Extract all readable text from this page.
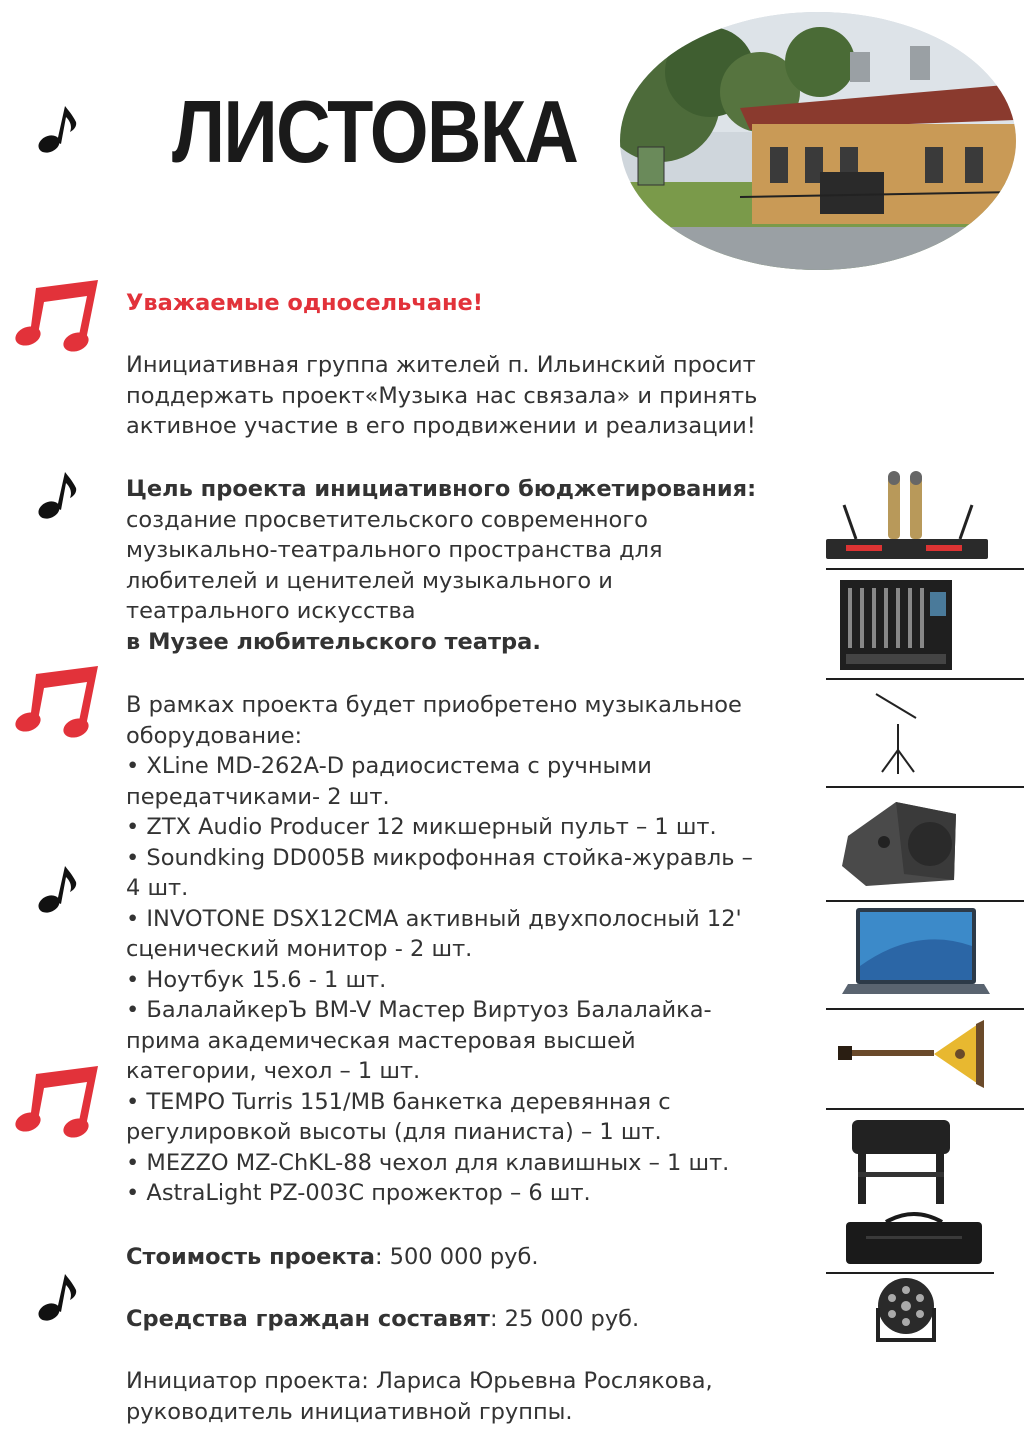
ЛИСТОВКА
Уважаемые односельчане!

Инициативная группа жителей п. Ильинский просит

поддержать проект«Музыка нас связала» и принять

активное участие в его продвижении и реализации!

Цель проекта инициативного бюджетирования:

создание просветительского современного

музыкально-театрального пространства для

любителей и ценителей музыкального и

театрального искусства

в Музее любительского театра.

В рамках проекта будет приобретено музыкальное

оборудование:

• XLine MD-262A-D радиосистема с ручными

передатчиками- 2 шт.

• ZTX Audio Producer 12 микшерный пульт – 1 шт.

• Soundking DD005B микрофонная стойка-журавль –

4 шт.

• INVOTONE DSX12CMA активный двухполосный 12'

сценический монитор - 2 шт.

• Ноутбук 15.6 - 1 шт.

• БалалайкерЪ BM-V Мастер Виртуоз Балалайка-

прима академическая мастеровая высшей

категории, чехол – 1 шт.

• TEMPO Turris 151/MB банкетка деревянная с

регулировкой высоты (для пианиста) – 1 шт.

• MEZZO MZ-ChKL-88 чехол для клавишных – 1 шт.

• AstraLight PZ-003C прожектор – 6 шт.

Стоимость проекта: 500 000 руб.
Средства граждан составят: 25 000 руб.

Инициатор проекта: Лариса Юрьевна Рослякова,

руководитель инициативной группы.
